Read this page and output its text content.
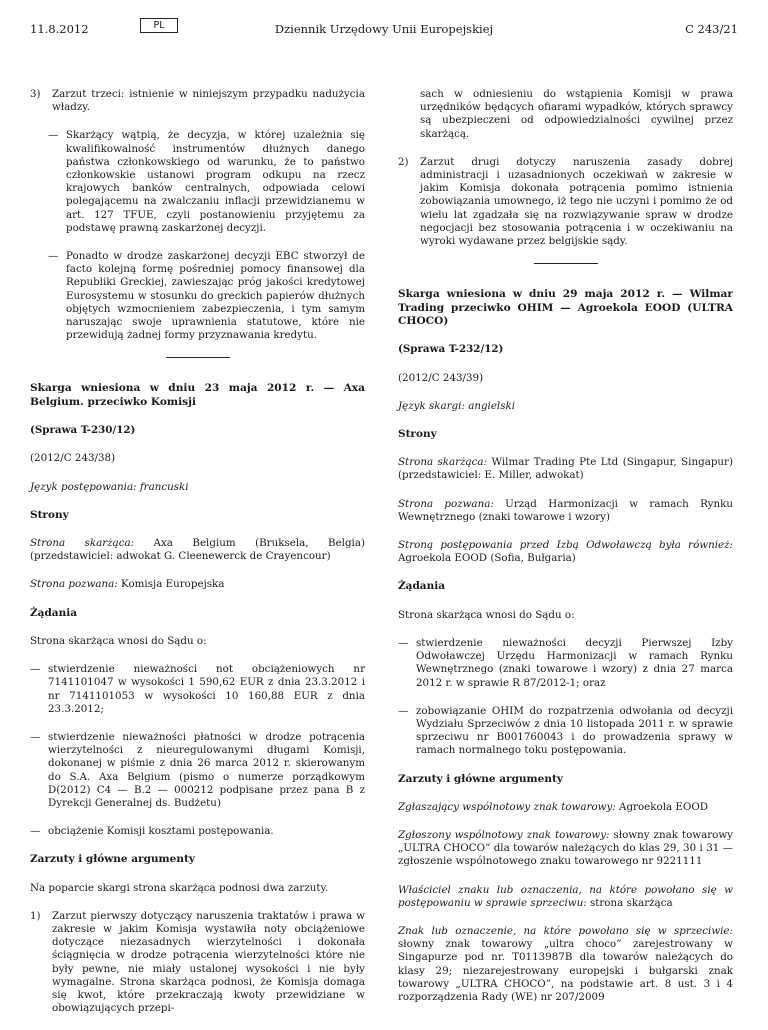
11.8.2012	PL	Dziennik Urzędowy Unii Europejskiej	C 243/21
3)	Zarzut trzeci: istnienie w niniejszym przypadku nadużycia władzy.
— Skarżący wątpią, że decyzja, w której uzależnia się kwalifikowalność instrumentów dłużnych danego państwa członkowskiego od warunku, że to państwo członkowskie ustanowi program odkupu na rzecz krajowych banków centralnych, odpowiada celowi polegającemu na zwalczaniu inflacji przewidzianemu w art. 127 TFUE, czyli postanowieniu przyjętemu za podstawę prawną zaskarżonej decyzji.
— Ponadto w drodze zaskarżonej decyzji EBC stworzył de facto kolejną formę pośredniej pomocy finansowej dla Republiki Greckiej, zawieszając próg jakości kredytowej Eurosystemu w stosunku do greckich papierów dłużnych objętych wzmocnieniem zabezpieczenia, i tym samym naruszając swoje uprawnienia statutowe, które nie przewidują żadnej formy przyznawania kredytu.

Skarga wniesiona w dniu 23 maja 2012 r. — Axa Belgium. przeciwko Komisji

(Sprawa T-230/12)

(2012/C 243/38)

Język postępowania: francuski

Strony

Strona skarżąca: Axa Belgium (Bruksela, Belgia) (przedstawiciel: adwokat G. Cleenewerck de Crayencour)

Strona pozwana: Komisja Europejska

Żądania

Strona skarżąca wnosi do Sądu o:

— stwierdzenie nieważności not obciążeniowych nr 7141101047 w wysokości 1 590,62 EUR z dnia 23.3.2012 i nr 7141101053 w wysokości 10 160,88 EUR z dnia 23.3.2012;
— stwierdzenie nieważności płatności w drodze potrącenia wierzytelności z nieuregulowanymi długami Komisji, dokonanej w piśmie z dnia 26 marca 2012 r. skierowanym do S.A. Axa Belgium (pismo o numerze porządkowym D(2012) C4 — B.2 — 000212 podpisane przez pana B z Dyrekcji Generalnej ds. Budżetu)
— obciążenie Komisji kosztami postępowania.

Zarzuty i główne argumenty

Na poparcie skargi strona skarżąca podnosi dwa zarzuty.

1)	Zarzut pierwszy dotyczący naruszenia traktatów i prawa w zakresie w jakim Komisja wystawiła noty obciążeniowe dotyczące niezasadnych wierzytelności i dokonała ściągnięcia w drodze potrącenia wierzytelności które nie były pewne, nie miały ustalonej wysokości i nie były wymagalne. Strona skarżąca podnosi, że Komisja domaga się kwot, które przekraczają kwoty przewidziane w obowiązujących przepi-
sach w odniesieniu do wstąpienia Komisji w prawa urzędników będących ofiarami wypadków, których sprawcy są ubezpieczeni od odpowiedzialności cywilnej przez skarżącą.
2)	Zarzut drugi dotyczy naruszenia zasady dobrej administracji i uzasadnionych oczekiwań w zakresie w jakim Komisja dokonała potrącenia pomimo istnienia zobowiązania umownego, iż tego nie uczyni i pomimo że od wielu lat zgadzała się na rozwiązywanie spraw w drodze negocjacji bez stosowania potrącenia i w oczekiwaniu na wyroki wydawane przez belgijskie sądy.

Skarga wniesiona w dniu 29 maja 2012 r. — Wilmar Trading przeciwko OHIM — Agroekola EOOD (ULTRA CHOCO)

(Sprawa T-232/12)

(2012/C 243/39)

Język skargi: angielski

Strony

Strona skarżąca: Wilmar Trading Pte Ltd (Singapur, Singapur) (przedstawiciel: E. Miller, adwokat)

Strona pozwana: Urząd Harmonizacji w ramach Rynku Wewnętrznego (znaki towarowe i wzory)

Stroną postępowania przed Izbą Odwoławczą była również: Agroekola EOOD (Sofia, Bułgaria)

Żądania

Strona skarżąca wnosi do Sądu o:

— stwierdzenie nieważności decyzji Pierwszej Izby Odwoławczej Urzędu Harmonizacji w ramach Rynku Wewnętrznego (znaki towarowe i wzory) z dnia 27 marca 2012 r. w sprawie R 87/2012-1; oraz
— zobowiązanie OHIM do rozpatrzenia odwołania od decyzji Wydziału Sprzeciwów z dnia 10 listopada 2011 r. w sprawie sprzeciwu nr B001760043 i do prowadzenia sprawy w ramach normalnego toku postępowania.

Zarzuty i główne argumenty

Zgłaszający wspólnotowy znak towarowy: Agroekola EOOD

Zgłoszony wspólnotowy znak towarowy: słowny znak towarowy „ULTRA CHOCO” dla towarów należących do klas 29, 30 i 31 — zgłoszenie wspólnotowego znaku towarowego nr 9221111

Właściciel znaku lub oznaczenia, na które powołano się w postępowaniu w sprawie sprzeciwu: strona skarżąca

Znak lub oznaczenie, na które powołano się w sprzeciwie: słowny znak towarowy „ultra choco” zarejestrowany w Singapurze pod nr. T0113987B dla towarów należących do klasy 29; niezarejestrowany europejski i bułgarski znak towarowy „ULTRA CHOCO”, na podstawie art. 8 ust. 3 i 4 rozporządzenia Rady (WE) nr 207/2009
